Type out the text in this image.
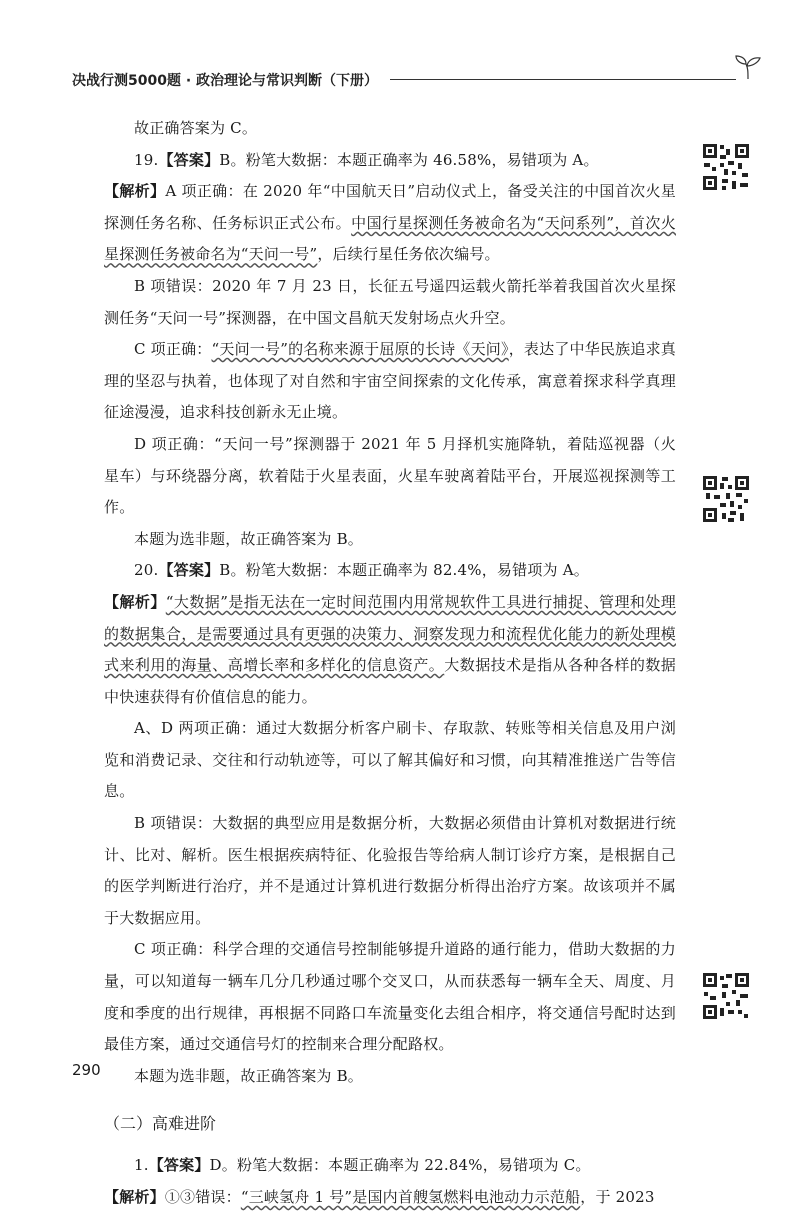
决战行测5000题 · 政治理论与常识判断（下册）

故正确答案为 C。

19.【答案】B。粉笔大数据：本题正确率为 46.58%，易错项为 A。

【解析】A 项正确：在 2020 年“中国航天日”启动仪式上，备受关注的中国首次火星探测任务名称、任务标识正式公布。中国行星探测任务被命名为“天问系列”，首次火星探测任务被命名为“天问一号”，后续行星任务依次编号。

B 项错误：2020 年 7 月 23 日，长征五号遥四运载火箭托举着我国首次火星探测任务“天问一号”探测器，在中国文昌航天发射场点火升空。

C 项正确：“天问一号”的名称来源于屈原的长诗《天问》，表达了中华民族追求真理的坚忍与执着，也体现了对自然和宇宙空间探索的文化传承，寓意着探求科学真理征途漫漫，追求科技创新永无止境。

D 项正确：“天问一号”探测器于 2021 年 5 月择机实施降轨，着陆巡视器（火星车）与环绕器分离，软着陆于火星表面，火星车驶离着陆平台，开展巡视探测等工作。

本题为选非题，故正确答案为 B。

20.【答案】B。粉笔大数据：本题正确率为 82.4%，易错项为 A。

【解析】“大数据”是指无法在一定时间范围内用常规软件工具进行捕捉、管理和处理的数据集合，是需要通过具有更强的决策力、洞察发现力和流程优化能力的新处理模式来利用的海量、高增长率和多样化的信息资产。大数据技术是指从各种各样的数据中快速获得有价值信息的能力。

A、D 两项正确：通过大数据分析客户刷卡、存取款、转账等相关信息及用户浏览和消费记录、交往和行动轨迹等，可以了解其偏好和习惯，向其精准推送广告等信息。

B 项错误：大数据的典型应用是数据分析，大数据必须借由计算机对数据进行统计、比对、解析。医生根据疾病特征、化验报告等给病人制订诊疗方案，是根据自己的医学判断进行治疗，并不是通过计算机进行数据分析得出治疗方案。故该项并不属于大数据应用。

C 项正确：科学合理的交通信号控制能够提升道路的通行能力，借助大数据的力量，可以知道每一辆车几分几秒通过哪个交叉口，从而获悉每一辆车全天、周度、月度和季度的出行规律，再根据不同路口车流量变化去组合相序，将交通信号配时达到最佳方案，通过交通信号灯的控制来合理分配路权。

本题为选非题，故正确答案为 B。

（二）高难进阶

1.【答案】D。粉笔大数据：本题正确率为 22.84%，易错项为 C。

【解析】①③错误：“三峡氢舟 1 号”是国内首艘氢燃料电池动力示范船，于 2023

290
